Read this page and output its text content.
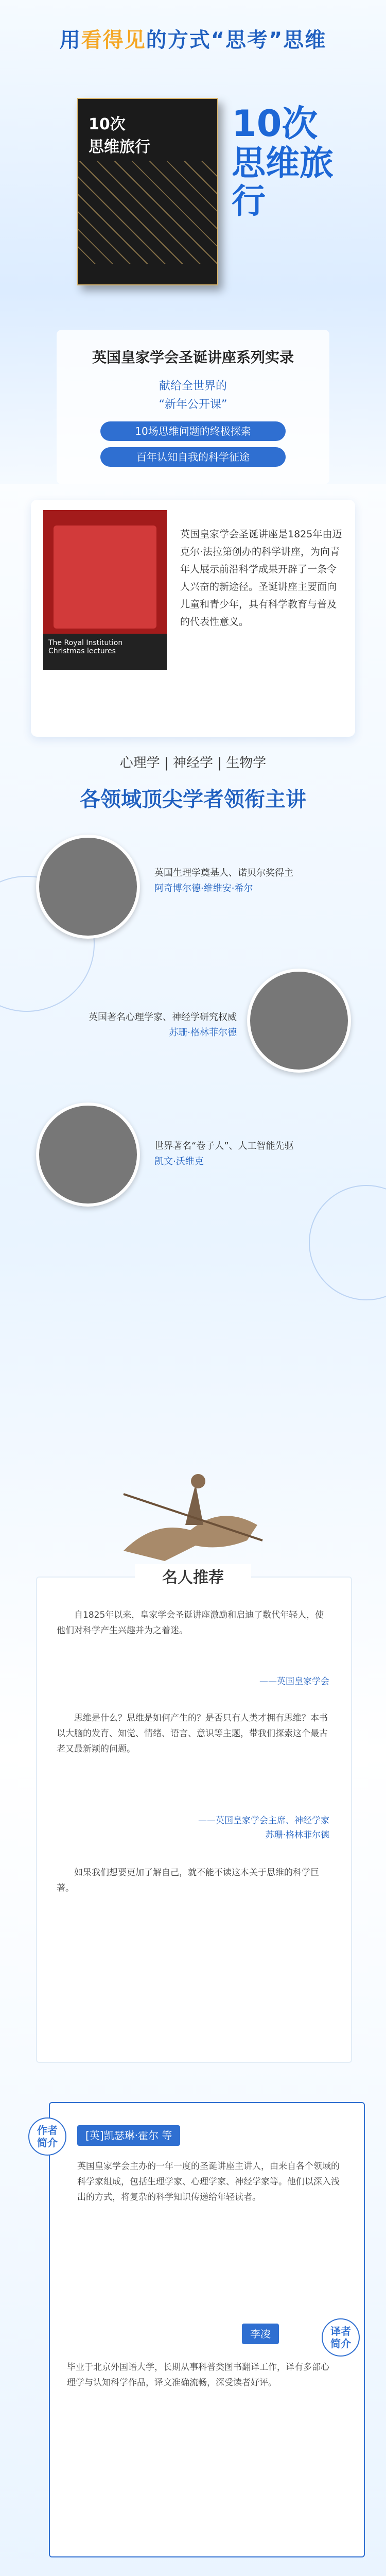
用看得见的方式“思考”思维
10次
思维旅行
10次
思维旅行
英国皇家学会圣诞讲座系列实录
献给全世界的
“新年公开课”
10场思维问题的终极探索
百年认知自我的科学征途
The Royal Institution
Christmas lectures
英国皇家学会圣诞讲座是1825年由迈克尔·法拉第创办的科学讲座，为向青年人展示前沿科学成果开辟了一条令人兴奋的新途径。圣诞讲座主要面向儿童和青少年，具有科学教育与普及的代表性意义。
心理学 | 神经学 | 生物学
各领域顶尖学者领衔主讲
英国生理学奠基人、诺贝尔奖得主
阿奇博尔德·维维安·希尔
英国著名心理学家、神经学研究权威
苏珊·格林菲尔德
世界著名“卷子人”、人工智能先驱
凯文·沃维克
名人推荐
自1825年以来，皇家学会圣诞讲座激励和启迪了数代年轻人，使他们对科学产生兴趣并为之着迷。
——英国皇家学会
思维是什么？思维是如何产生的？是否只有人类才拥有思维？本书以大脑的发育、知觉、情绪、语言、意识等主题，带我们探索这个最古老又最新颖的问题。
——英国皇家学会主席、神经学家
苏珊·格林菲尔德
如果我们想要更加了解自己，就不能不读这本关于思维的科学巨著。
作者
简介
[英]凯瑟琳·霍尔 等
英国皇家学会主办的一年一度的圣诞讲座主讲人，由来自各个领域的科学家组成，包括生理学家、心理学家、神经学家等。他们以深入浅出的方式，将复杂的科学知识传递给年轻读者。
译者
简介
李凌
毕业于北京外国语大学，长期从事科普类图书翻译工作，译有多部心理学与认知科学作品，译文准确流畅，深受读者好评。
